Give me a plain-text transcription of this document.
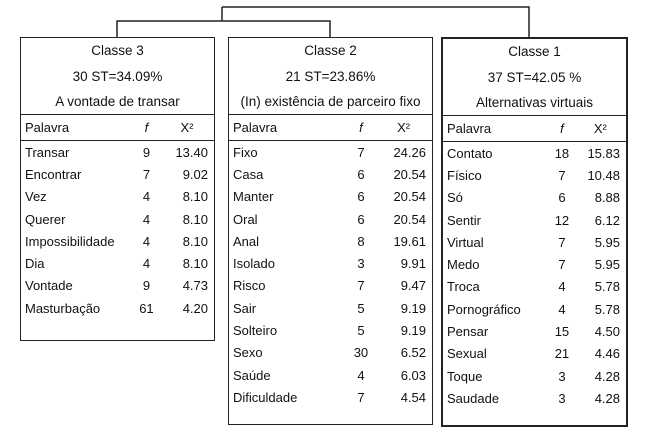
Classe 3
30 ST=34.09%
A vontade de transar
Palavra	f	X²
Transar	9	13.40
Encontrar	7	9.02
Vez	4	8.10
Querer	4	8.10
Impossibilidade	4	8.10
Dia	4	8.10
Vontade	9	4.73
Masturbação	61	4.20
Classe 2
21 ST=23.86%
(In) existência de parceiro fixo
Palavra	f	X²
Fixo	7	24.26
Casa	6	20.54
Manter	6	20.54
Oral	6	20.54
Anal	8	19.61
Isolado	3	9.91
Risco	7	9.47
Sair	5	9.19
Solteiro	5	9.19
Sexo	30	6.52
Saúde	4	6.03
Dificuldade	7	4.54
Classe 1
37 ST=42.05 %
Alternativas virtuais
Palavra	f	X²
Contato	18	15.83
Físico	7	10.48
Só	6	8.88
Sentir	12	6.12
Virtual	7	5.95
Medo	7	5.95
Troca	4	5.78
Pornográfico	4	5.78
Pensar	15	4.50
Sexual	21	4.46
Toque	3	4.28
Saudade	3	4.28
